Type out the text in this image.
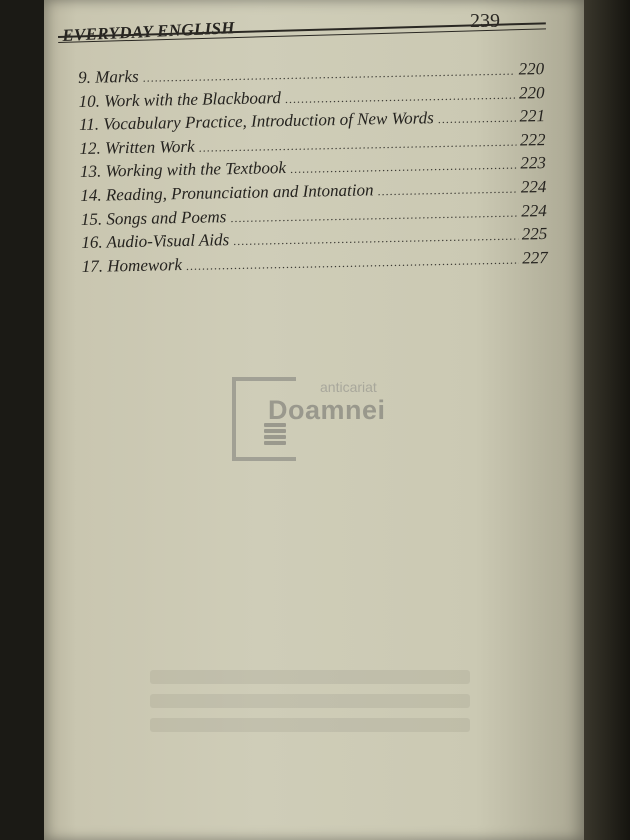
239
EVERYDAY ENGLISH
9. Marks .....	220
10. Work with the Blackboard .....	220
11. Vocabulary Practice, Introduction of New Words .....	221
12. Written Work .....	222
13. Working with the Textbook .....	223
14. Reading, Pronunciation and Intonation .....	224
15. Songs and Poems .....	224
16. Audio-Visual Aids .....	225
17. Homework .....	227
anticariat
Doamnei
